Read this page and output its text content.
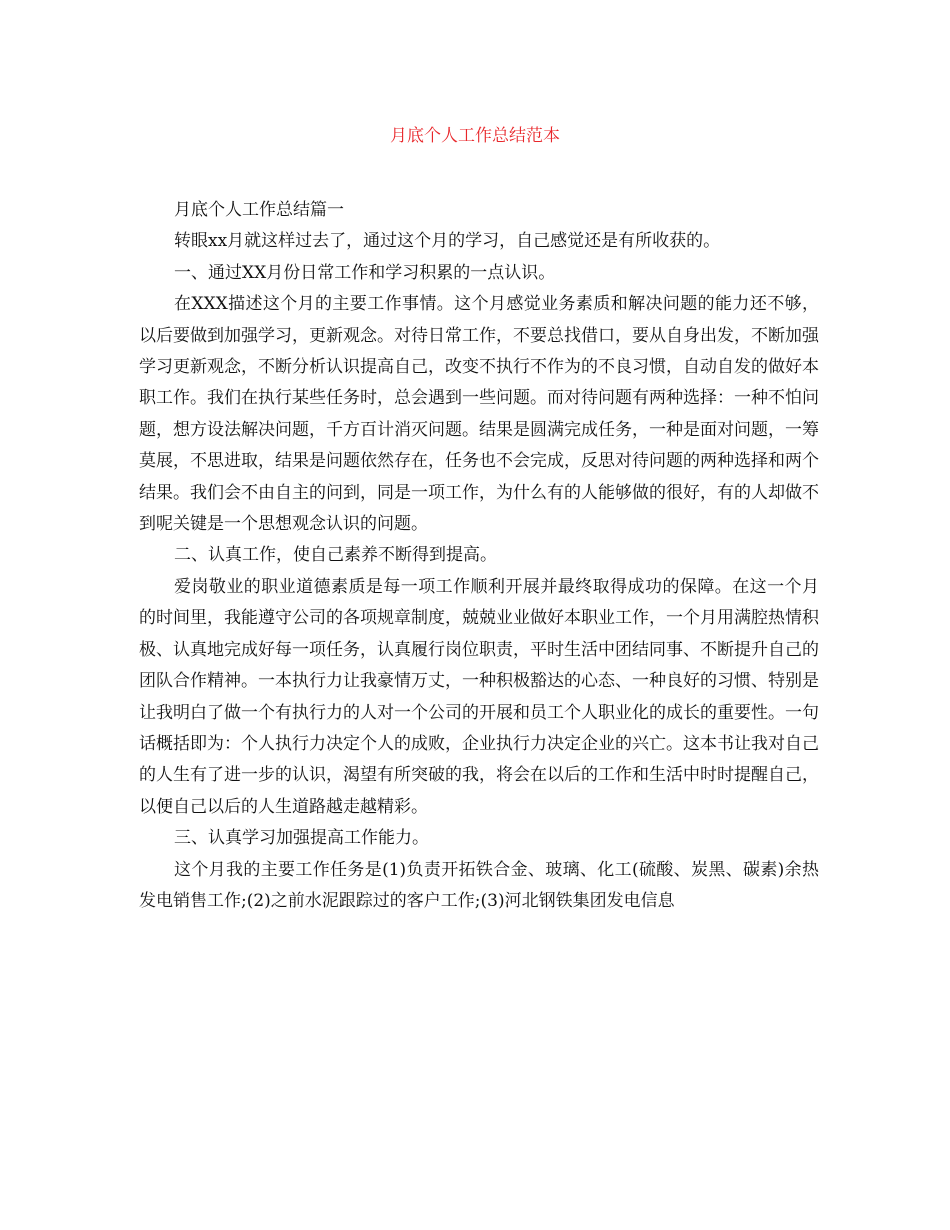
月底个人工作总结范本

月底个人工作总结篇一

转眼xx月就这样过去了，通过这个月的学习，自己感觉还是有所收获的。

一、通过XX月份日常工作和学习积累的一点认识。

在XXX描述这个月的主要工作事情。这个月感觉业务素质和解决问题的能力还不够，以后要做到加强学习，更新观念。对待日常工作，不要总找借口，要从自身出发，不断加强学习更新观念，不断分析认识提高自己，改变不执行不作为的不良习惯，自动自发的做好本职工作。我们在执行某些任务时，总会遇到一些问题。而对待问题有两种选择：一种不怕问题，想方设法解决问题，千方百计消灭问题。结果是圆满完成任务，一种是面对问题，一筹莫展，不思进取，结果是问题依然存在，任务也不会完成，反思对待问题的两种选择和两个结果。我们会不由自主的问到，同是一项工作，为什么有的人能够做的很好，有的人却做不到呢关键是一个思想观念认识的问题。

二、认真工作，使自己素养不断得到提高。

爱岗敬业的职业道德素质是每一项工作顺利开展并最终取得成功的保障。在这一个月的时间里，我能遵守公司的各项规章制度，兢兢业业做好本职业工作，一个月用满腔热情积极、认真地完成好每一项任务，认真履行岗位职责，平时生活中团结同事、不断提升自己的团队合作精神。一本执行力让我豪情万丈，一种积极豁达的心态、一种良好的习惯、特别是让我明白了做一个有执行力的人对一个公司的开展和员工个人职业化的成长的重要性。一句话概括即为：个人执行力决定个人的成败，企业执行力决定企业的兴亡。这本书让我对自己的人生有了进一步的认识，渴望有所突破的我，将会在以后的工作和生活中时时提醒自己，以便自己以后的人生道路越走越精彩。

三、认真学习加强提高工作能力。

这个月我的主要工作任务是(1)负责开拓铁合金、玻璃、化工(硫酸、炭黑、碳素)余热发电销售工作;(2)之前水泥跟踪过的客户工作;(3)河北钢铁集团发电信息
